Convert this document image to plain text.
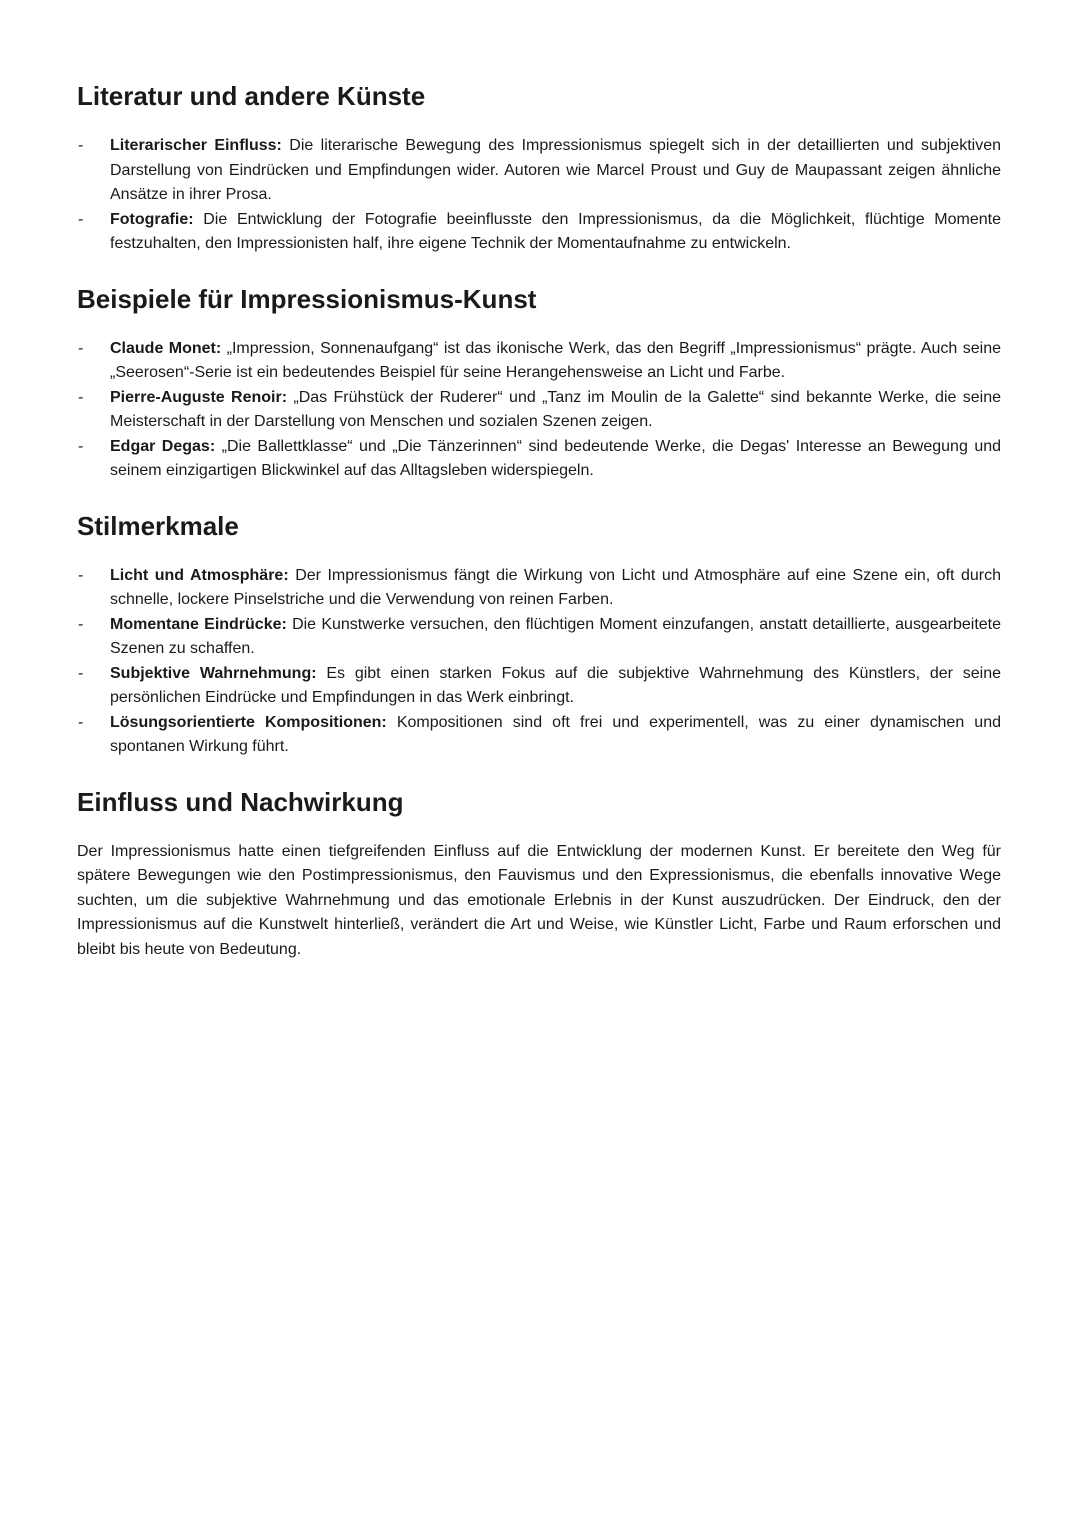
Literatur und andere Künste
- Literarischer Einfluss: Die literarische Bewegung des Impressionismus spiegelt sich in der detaillierten und subjektiven Darstellung von Eindrücken und Empfindungen wider. Autoren wie Marcel Proust und Guy de Maupassant zeigen ähnliche Ansätze in ihrer Prosa.
- Fotografie: Die Entwicklung der Fotografie beeinflusste den Impressionismus, da die Möglichkeit, flüchtige Momente festzuhalten, den Impressionisten half, ihre eigene Technik der Momentaufnahme zu entwickeln.
Beispiele für Impressionismus-Kunst
- Claude Monet: „Impression, Sonnenaufgang“ ist das ikonische Werk, das den Begriff „Impressionismus“ prägte. Auch seine „Seerosen“-Serie ist ein bedeutendes Beispiel für seine Herangehensweise an Licht und Farbe.
- Pierre-Auguste Renoir: „Das Frühstück der Ruderer“ und „Tanz im Moulin de la Galette“ sind bekannte Werke, die seine Meisterschaft in der Darstellung von Menschen und sozialen Szenen zeigen.
- Edgar Degas: „Die Ballettklasse“ und „Die Tänzerinnen“ sind bedeutende Werke, die Degas' Interesse an Bewegung und seinem einzigartigen Blickwinkel auf das Alltagsleben widerspiegeln.
Stilmerkmale
- Licht und Atmosphäre: Der Impressionismus fängt die Wirkung von Licht und Atmosphäre auf eine Szene ein, oft durch schnelle, lockere Pinselstriche und die Verwendung von reinen Farben.
- Momentane Eindrücke: Die Kunstwerke versuchen, den flüchtigen Moment einzufangen, anstatt detaillierte, ausgearbeitete Szenen zu schaffen.
- Subjektive Wahrnehmung: Es gibt einen starken Fokus auf die subjektive Wahrnehmung des Künstlers, der seine persönlichen Eindrücke und Empfindungen in das Werk einbringt.
- Lösungsorientierte Kompositionen: Kompositionen sind oft frei und experimentell, was zu einer dynamischen und spontanen Wirkung führt.
Einfluss und Nachwirkung

Der Impressionismus hatte einen tiefgreifenden Einfluss auf die Entwicklung der modernen Kunst. Er bereitete den Weg für spätere Bewegungen wie den Postimpressionismus, den Fauvismus und den Expressionismus, die ebenfalls innovative Wege suchten, um die subjektive Wahrnehmung und das emotionale Erlebnis in der Kunst auszudrücken. Der Eindruck, den der Impressionismus auf die Kunstwelt hinterließ, verändert die Art und Weise, wie Künstler Licht, Farbe und Raum erforschen und bleibt bis heute von Bedeutung.
